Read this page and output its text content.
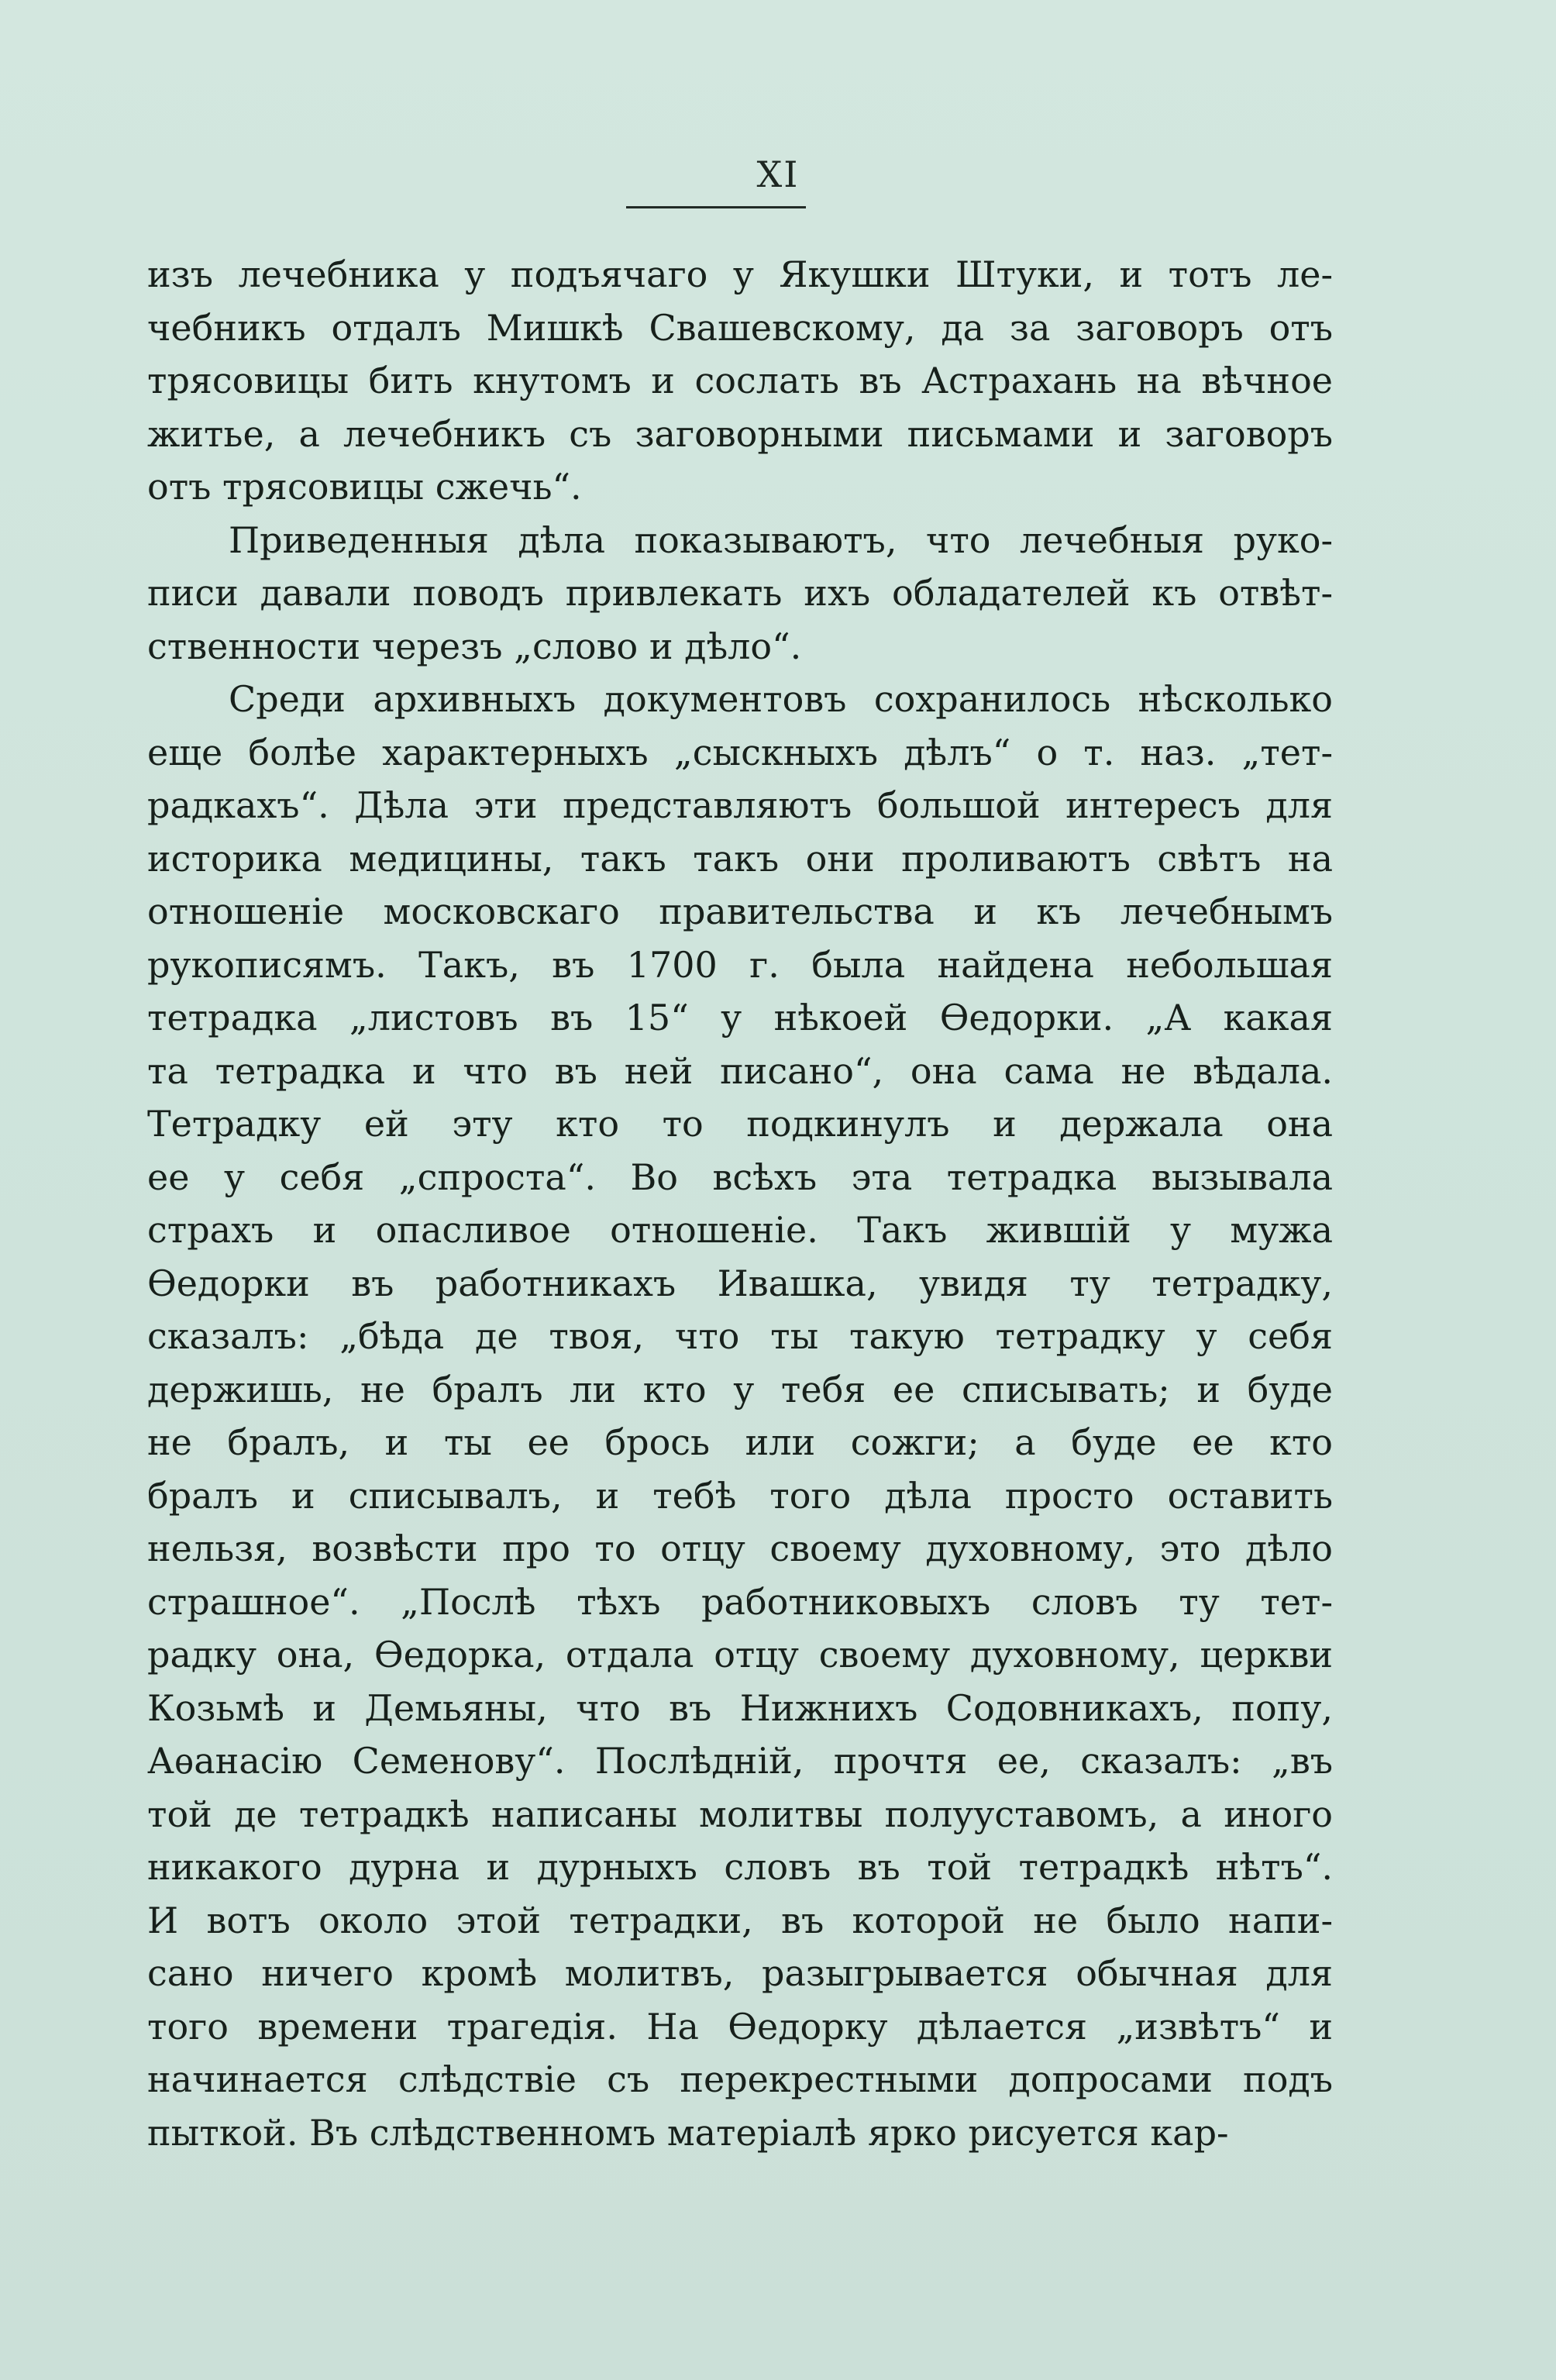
XI
изъ лечебника у подъячаго у Якушки Штуки, и тотъ ле-
чебникъ отдалъ Мишкѣ Свашевскому, да за заговоръ отъ
трясовицы бить кнутомъ и сослать въ Астрахань на вѣчное
житье, а лечебникъ съ заговорными письмами и заговоръ
отъ трясовицы сжечь“.
Приведенныя дѣла показываютъ, что лечебныя руко-
писи давали поводъ привлекать ихъ обладателей къ отвѣт-
ственности черезъ „слово и дѣло“.
Среди архивныхъ документовъ сохранилось нѣсколько
еще болѣе характерныхъ „сыскныхъ дѣлъ“ о т. наз. „тет-
радкахъ“. Дѣла эти представляютъ большой интересъ для
историка медицины, такъ такъ они проливаютъ свѣтъ на
отношеніе московскаго правительства и къ лечебнымъ
рукописямъ. Такъ, въ 1700 г. была найдена небольшая
тетрадка „листовъ въ 15“ у нѣкоей Ѳедорки. „А какая
та тетрадка и что въ ней писано“, она сама не вѣдала.
Тетрадку ей эту кто то подкинулъ и держала она
ее у себя „спроста“. Во всѣхъ эта тетрадка вызывала
страхъ и опасливое отношеніе. Такъ жившій у мужа
Ѳедорки въ работникахъ Ивашка, увидя ту тетрадку,
сказалъ: „бѣда де твоя, что ты такую тетрадку у себя
держишь, не бралъ ли кто у тебя ее списывать; и буде
не бралъ, и ты ее брось или сожги; а буде ее кто
бралъ и списывалъ, и тебѣ того дѣла просто оставить
нельзя, возвѣсти про то отцу своему духовному, это дѣло
страшное“. „Послѣ тѣхъ работниковыхъ словъ ту тет-
радку она, Ѳедорка, отдала отцу своему духовному, церкви
Козьмѣ и Демьяны, что въ Нижнихъ Содовникахъ, попу,
Аѳанасію Семенову“. Послѣдній, прочтя ее, сказалъ: „въ
той де тетрадкѣ написаны молитвы полууставомъ, а иного
никакого дурна и дурныхъ словъ въ той тетрадкѣ нѣтъ“.
И вотъ около этой тетрадки, въ которой не было напи-
сано ничего кромѣ молитвъ, разыгрывается обычная для
того времени трагедія. На Ѳедорку дѣлается „извѣтъ“ и
начинается слѣдствіе съ перекрестными допросами подъ
пыткой. Въ слѣдственномъ матеріалѣ ярко рисуется кар-
